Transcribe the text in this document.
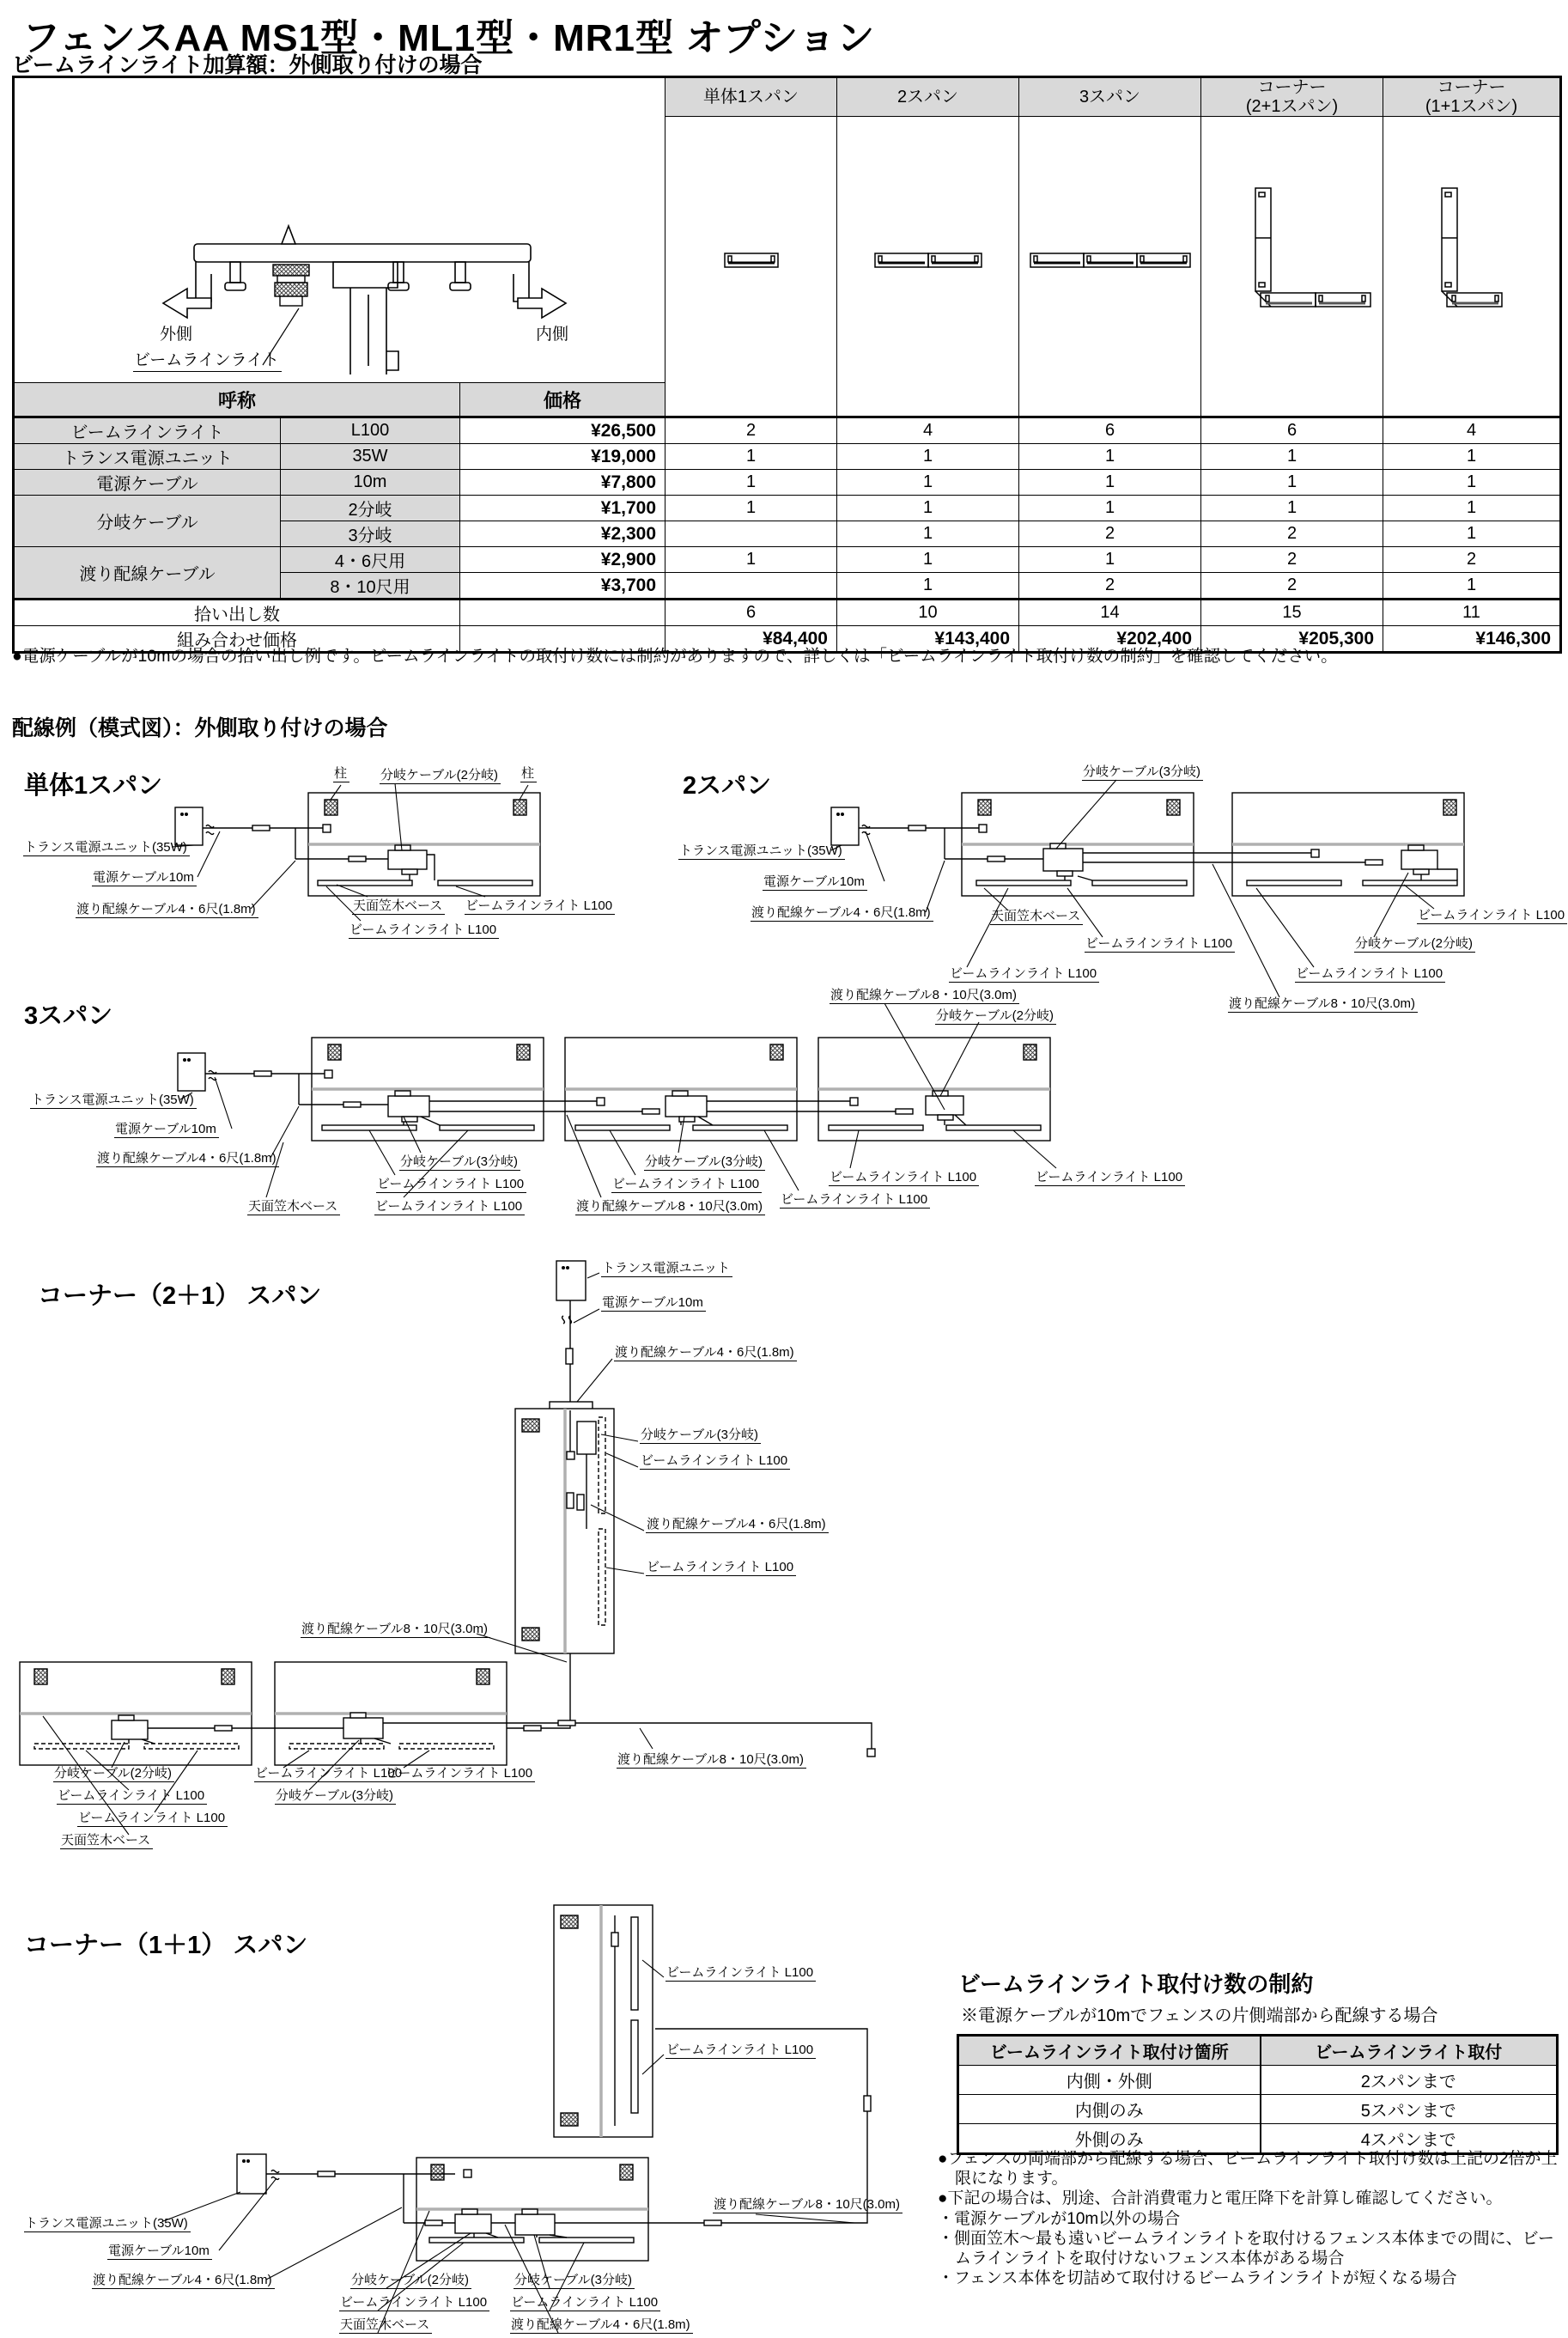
フェンスAA MS1型・ML1型・MR1型 オプション
ビームラインライト加算額：外側取り付けの場合
外側	内側
ビームラインライト

単体1スパン	2スパン	3スパン	コーナー
(2+1スパン)

コーナー
(1+1スパン)

呼称		価格					
ビームラインライト	L100	¥26,500	2	4	6	6	4
トランス電源ユニット	35W	¥19,000	1	1	1	1	1
電源ケーブル	10m	¥7,800	1	1	1	1	1
分岐ケーブル	2分岐	¥1,700	1	1	1	1	1
	3分岐	¥2,300		1	2	2	1
渡り配線ケーブル	4・6尺用	¥2,900	1	1	1	2	2
	8・10尺用	¥3,700		1	2	2	1
拾い出し数			6	10	14	15	11
組み合わせ価格			¥84,400	¥143,400	¥202,400	¥205,300	¥146,300
●電源ケーブルが10mの場合の拾い出し例です。ビームラインライトの取付け数には制約がありますので、詳しくは「ビームラインライト取付け数の制約」を確認してください。
配線例（模式図）：外側取り付けの場合
単体1スパン	柱	分岐ケーブル(2分岐) 柱
トランス電源ユニット(35W)
電源ケーブル10m
渡り配線ケーブル4・6尺(1.8m)	天面笠木ベース ビームラインライト L100
ビームラインライト L100
2スパン
分岐ケーブル(3分岐)
トランス電源ユニット(35W)
電源ケーブル10m
渡り配線ケーブル4・6尺(1.8m)	天面笠木ベース
ビームラインライト L100
ビームラインライト L100
ビームラインライト L100
分岐ケーブル(2分岐)
ビームラインライト L100
渡り配線ケーブル8・10尺(3.0m)
3スパン
渡り配線ケーブル8・10尺(3.0m)
分岐ケーブル(2分岐)
トランス電源ユニット(35W)
電源ケーブル10m
渡り配線ケーブル4・6尺(1.8m)	分岐ケーブル(3分岐)	分岐ケーブル(3分岐)
ビームラインライト L100	ビームラインライト L100
天面笠木ベース	ビームラインライト L100	渡り配線ケーブル8・10尺(3.0m)
ビームラインライト L100	ビームラインライト L100
ビームラインライト L100
コーナー（2＋1） スパン
トランス電源ユニット
電源ケーブル10m
渡り配線ケーブル4・6尺(1.8m)
分岐ケーブル(3分岐)
ビームラインライト L100
渡り配線ケーブル4・6尺(1.8m)
ビームラインライト L100
渡り配線ケーブル8・10尺(3.0m)
分岐ケーブル(2分岐)
ビームラインライト L100
ビームラインライト L100
天面笠木ベース
ビームラインライト L100
分岐ケーブル(3分岐)
ビームラインライト L100
渡り配線ケーブル8・10尺(3.0m)
コーナー（1＋1） スパン
ビームラインライト L100
ビームラインライト L100
渡り配線ケーブル8・10尺(3.0m)
トランス電源ユニット(35W)
電源ケーブル10m
渡り配線ケーブル4・6尺(1.8m)	分岐ケーブル(2分岐)	分岐ケーブル(3分岐)
ビームラインライト L100 ビームラインライト L100
天面笠木ベース	渡り配線ケーブル4・6尺(1.8m)
ビームラインライト取付け数の制約
※電源ケーブルが10mでフェンスの片側端部から配線する場合
ビームラインライト取付け箇所	ビームラインライト取付
内側・外側	2スパンまで
内側のみ	5スパンまで
外側のみ	4スパンまで
●フェンスの両端部から配線する場合、ビームラインライト取付け数は上記の2倍が上限になります。
●下記の場合は、別途、合計消費電力と電圧降下を計算し確認してください。
・電源ケーブルが10m以外の場合
・側面笠木〜最も遠いビームラインライトを取付けるフェンス本体までの間に、ビームラインライトを取付けないフェンス本体がある場合
・フェンス本体を切詰めて取付けるビームラインライトが短くなる場合
